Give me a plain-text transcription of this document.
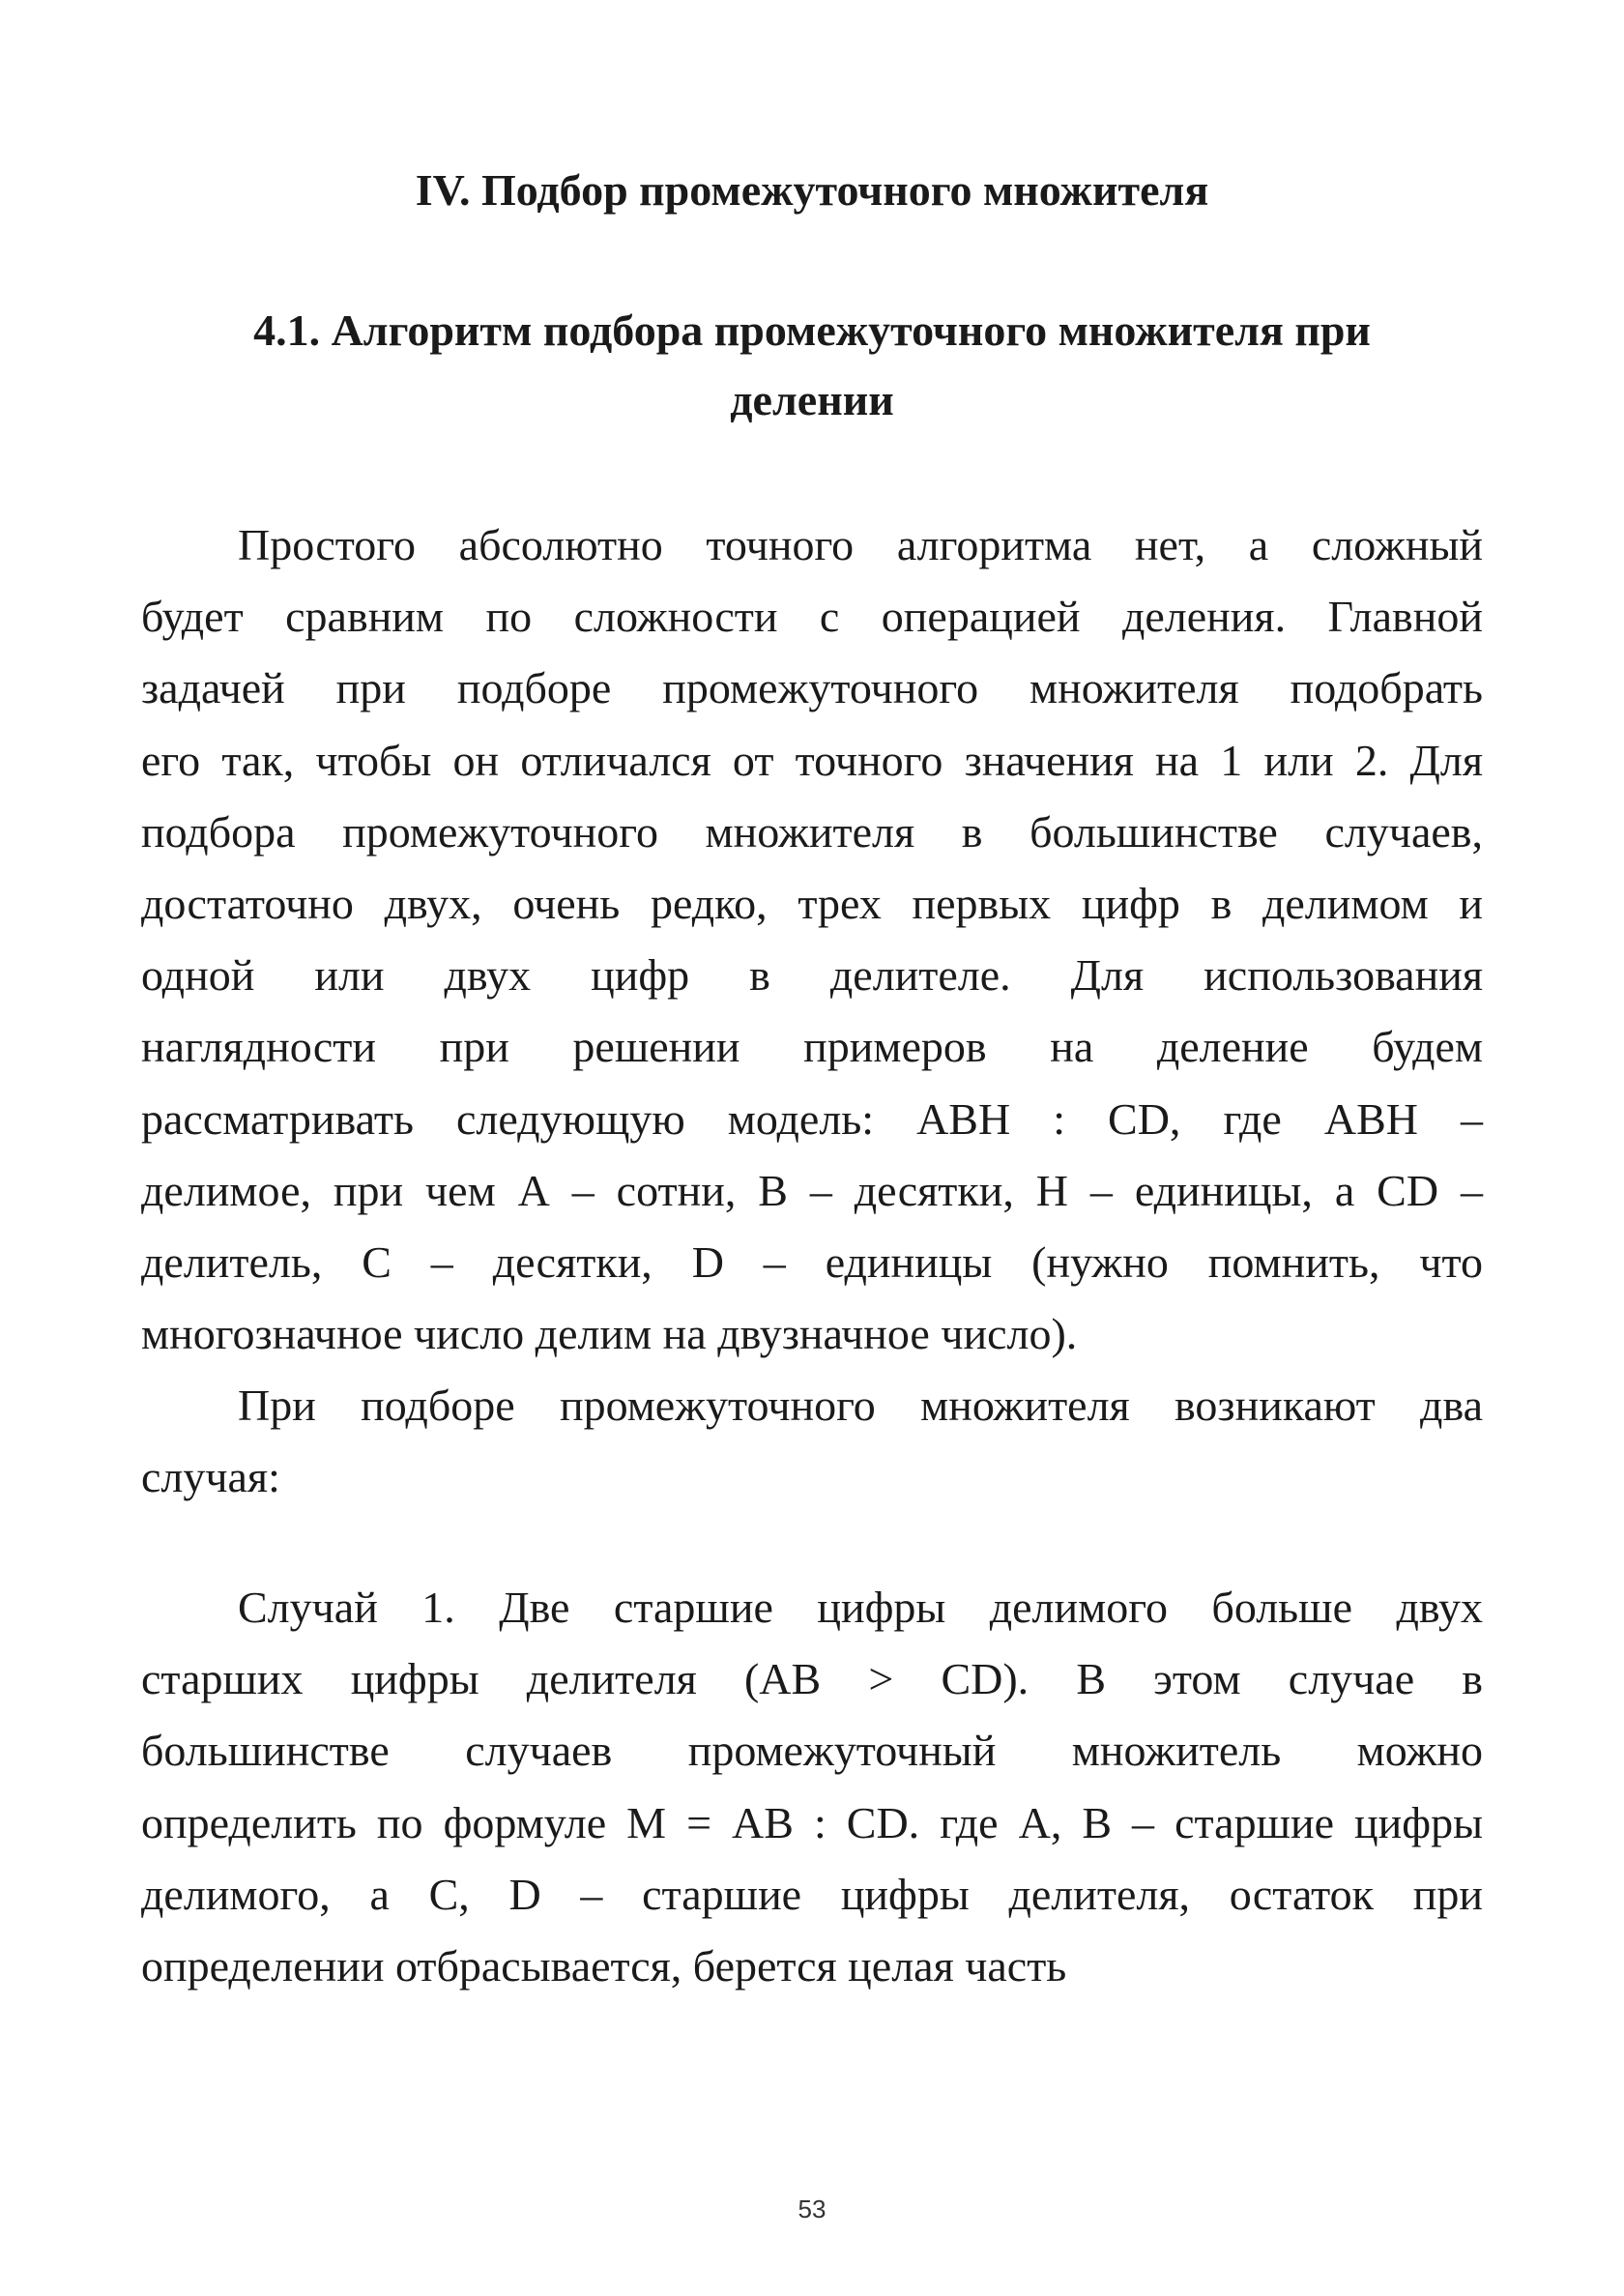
IV. Подбор промежуточного множителя
4.1. Алгоритм подбора промежуточного множителя при
делении
Простого абсолютно точного алгоритма нет, а сложный
будет сравним по сложности с операцией деления. Главной
задачей при подборе промежуточного множителя подобрать
его так, чтобы он отличался от точного значения на 1 или 2. Для
подбора промежуточного множителя в большинстве случаев,
достаточно двух, очень редко, трех первых цифр в делимом и
одной или двух цифр в делителе. Для использования
наглядности при решении примеров на деление будем
рассматривать следующую модель: АВН : CD, где АВН –
делимое, при чем А – сотни, В – десятки, Н – единицы, а CD –
делитель, С – десятки, D – единицы (нужно помнить, что
многозначное число делим на двузначное число).
При подборе промежуточного множителя возникают два
случая:
Случай 1. Две старшие цифры делимого больше двух
старших цифры делителя (АВ > CD). В этом случае в
большинстве случаев промежуточный множитель можно
определить по формуле М = АВ : CD. где А, В – старшие цифры
делимого, а С, D – старшие цифры делителя, остаток при
определении отбрасывается, берется целая часть
53
